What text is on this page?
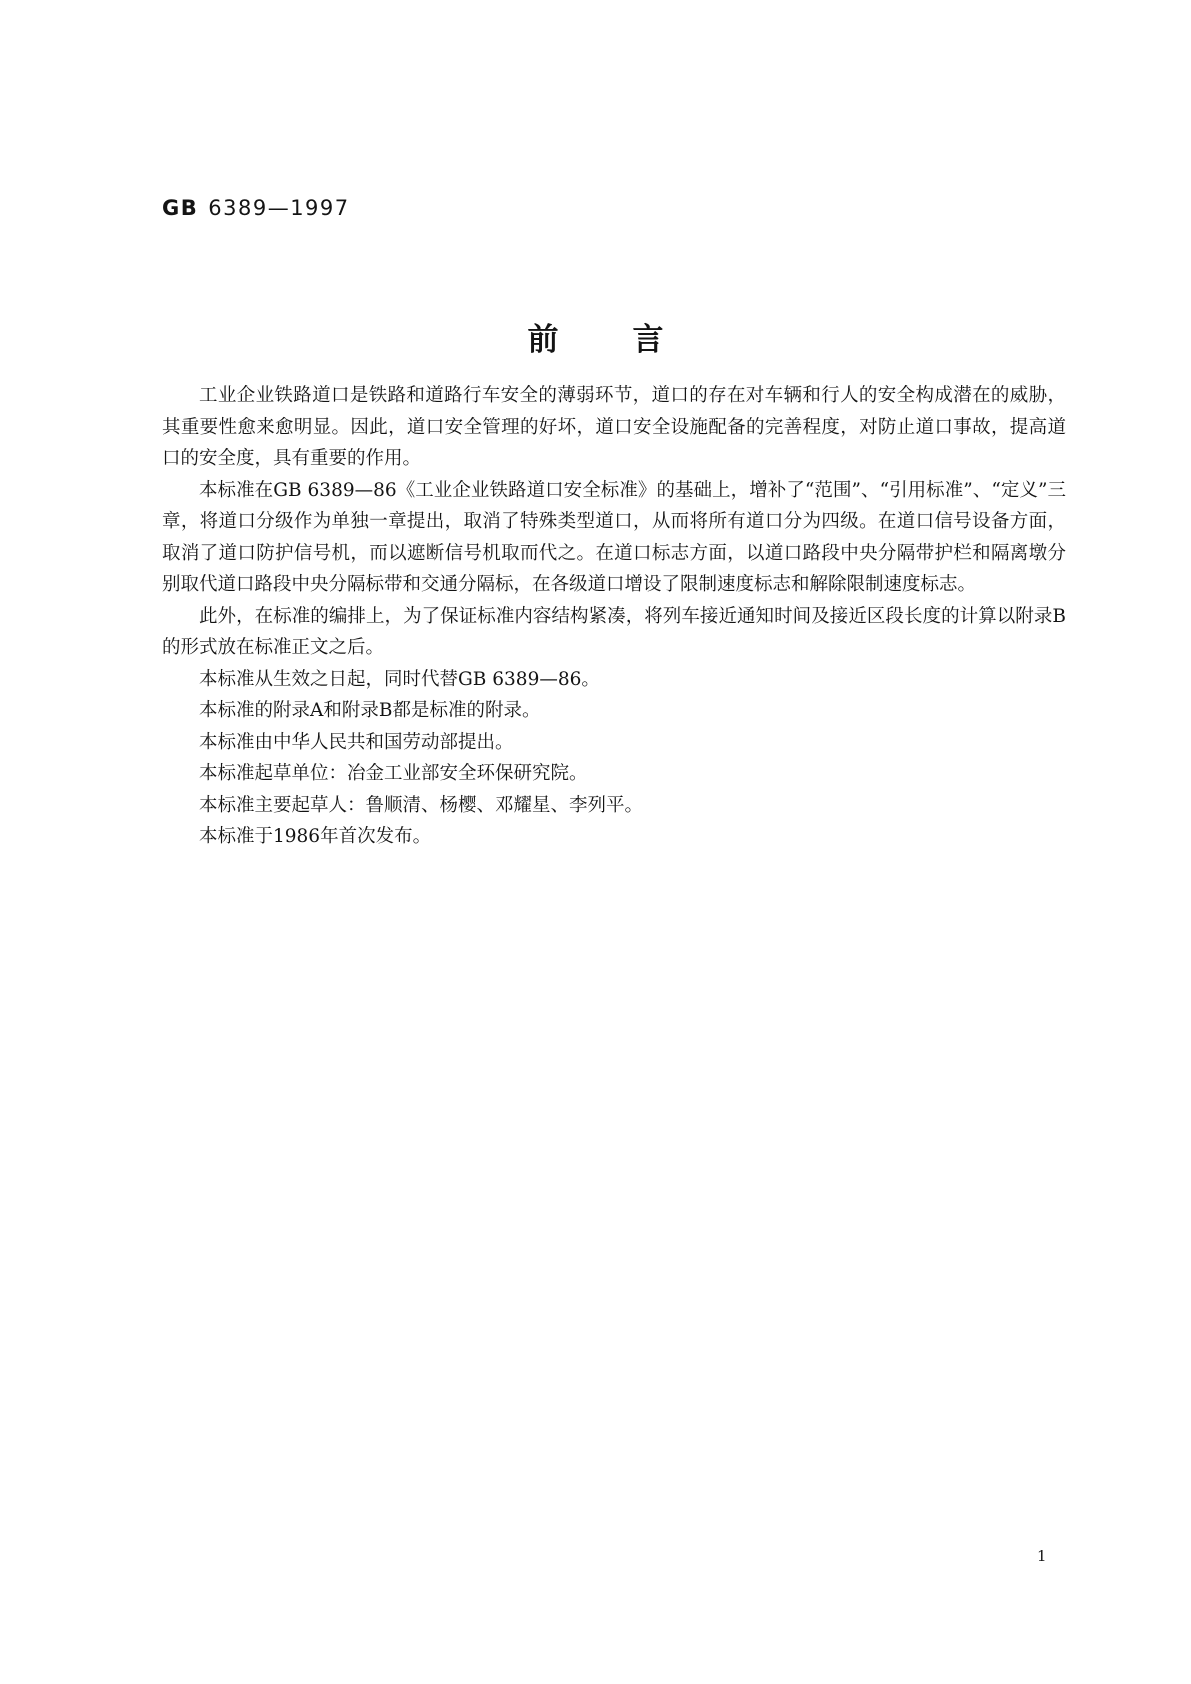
GB 6389—1997
前言

工业企业铁路道口是铁路和道路行车安全的薄弱环节，道口的存在对车辆和行人的安全构成潜在的威胁，其重要性愈来愈明显。因此，道口安全管理的好坏，道口安全设施配备的完善程度，对防止道口事故，提高道口的安全度，具有重要的作用。

本标准在GB 6389—86《工业企业铁路道口安全标准》的基础上，增补了“范围”、“引用标准”、“定义”三章，将道口分级作为单独一章提出，取消了特殊类型道口，从而将所有道口分为四级。在道口信号设备方面，取消了道口防护信号机，而以遮断信号机取而代之。在道口标志方面，以道口路段中央分隔带护栏和隔离墩分别取代道口路段中央分隔标带和交通分隔标，在各级道口增设了限制速度标志和解除限制速度标志。

此外，在标准的编排上，为了保证标准内容结构紧凑，将列车接近通知时间及接近区段长度的计算以附录B的形式放在标准正文之后。

本标准从生效之日起，同时代替GB 6389—86。

本标准的附录A和附录B都是标准的附录。

本标准由中华人民共和国劳动部提出。

本标准起草单位：冶金工业部安全环保研究院。

本标准主要起草人：鲁顺清、杨樱、邓耀星、李列平。

本标准于1986年首次发布。

1
